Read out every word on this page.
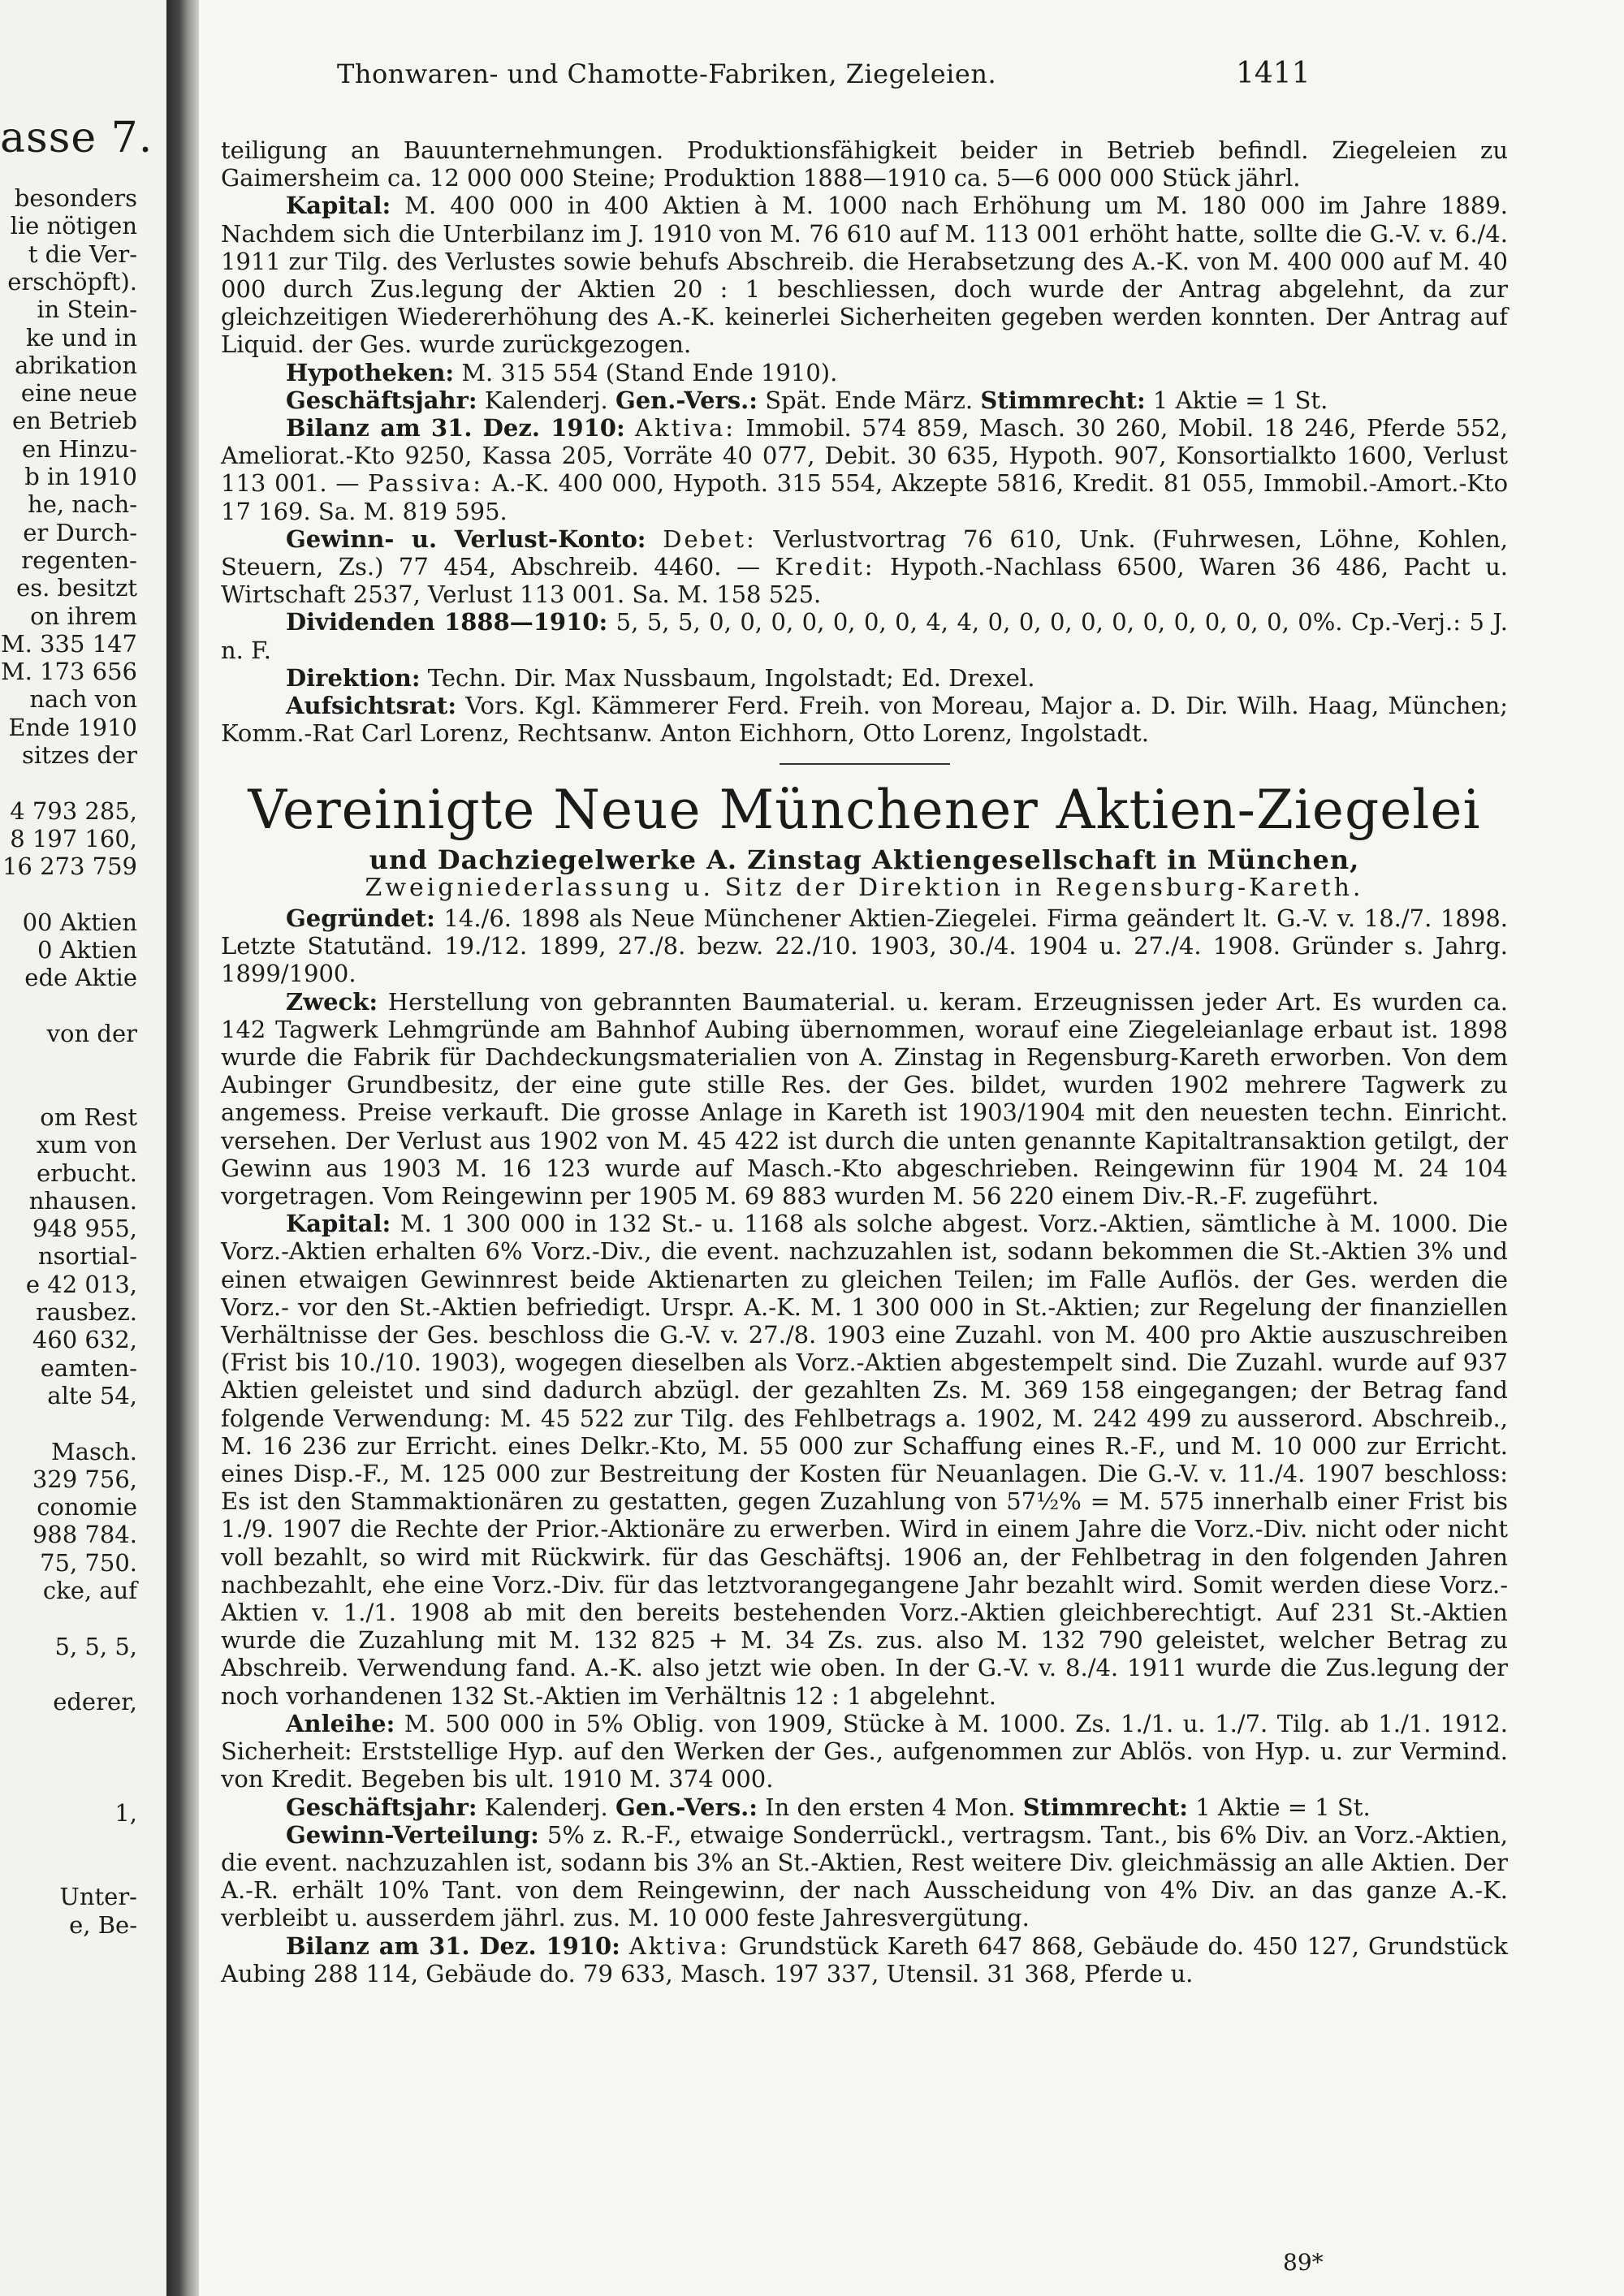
asse 7.
besonders
lie nötigen
t die Ver-
erschöpft).
in Stein-
ke und in
abrikation
eine neue
en Betrieb
en Hinzu-
b in 1910
he, nach-
er Durch-
regenten-
es. besitzt
on ihrem
M. 335 147
M. 173 656
nach von
Ende 1910
sitzes der
4 793 285,
8 197 160,
16 273 759
00 Aktien
0 Aktien
ede Aktie
von der
om Rest
xum von
erbucht.
nhausen.
948 955,
nsortial-
e 42 013,
rausbez.
460 632,
eamten-
alte 54,
Masch.
329 756,
conomie
988 784.
75, 750.
cke, auf
5, 5, 5,
ederer,
1,
Unter-
e, Be-
Thonwaren- und Chamotte-Fabriken, Ziegeleien.	1411

teiligung an Bauunternehmungen. Produktionsfähigkeit beider in Betrieb befindl. Ziegeleien zu Gaimersheim ca. 12 000 000 Steine; Produktion 1888—1910 ca. 5—6 000 000 Stück jährl.

Kapital: M. 400 000 in 400 Aktien à M. 1000 nach Erhöhung um M. 180 000 im Jahre 1889. Nachdem sich die Unterbilanz im J. 1910 von M. 76 610 auf M. 113 001 erhöht hatte, sollte die G.-V. v. 6./4. 1911 zur Tilg. des Verlustes sowie behufs Abschreib. die Herabsetzung des A.-K. von M. 400 000 auf M. 40 000 durch Zus.legung der Aktien 20 : 1 beschliessen, doch wurde der Antrag abgelehnt, da zur gleichzeitigen Wiedererhöhung des A.-K. keinerlei Sicherheiten gegeben werden konnten. Der Antrag auf Liquid. der Ges. wurde zurückgezogen.

Hypotheken: M. 315 554 (Stand Ende 1910).

Geschäftsjahr: Kalenderj. Gen.-Vers.: Spät. Ende März. Stimmrecht: 1 Aktie = 1 St.

Bilanz am 31. Dez. 1910: Aktiva: Immobil. 574 859, Masch. 30 260, Mobil. 18 246, Pferde 552, Ameliorat.-Kto 9250, Kassa 205, Vorräte 40 077, Debit. 30 635, Hypoth. 907, Konsortialkto 1600, Verlust 113 001. — Passiva: A.-K. 400 000, Hypoth. 315 554, Akzepte 5816, Kredit. 81 055, Immobil.-Amort.-Kto 17 169. Sa. M. 819 595.

Gewinn- u. Verlust-Konto: Debet: Verlustvortrag 76 610, Unk. (Fuhrwesen, Löhne, Kohlen, Steuern, Zs.) 77 454, Abschreib. 4460. — Kredit: Hypoth.-Nachlass 6500, Waren 36 486, Pacht u. Wirtschaft 2537, Verlust 113 001. Sa. M. 158 525.

Dividenden 1888—1910: 5, 5, 5, 0, 0, 0, 0, 0, 0, 0, 4, 4, 0, 0, 0, 0, 0, 0, 0, 0, 0, 0, 0%. Cp.-Verj.: 5 J. n. F.

Direktion: Techn. Dir. Max Nussbaum, Ingolstadt; Ed. Drexel.

Aufsichtsrat: Vors. Kgl. Kämmerer Ferd. Freih. von Moreau, Major a. D. Dir. Wilh. Haag, München; Komm.-Rat Carl Lorenz, Rechtsanw. Anton Eichhorn, Otto Lorenz, Ingolstadt.

Vereinigte Neue Münchener Aktien-Ziegelei
und Dachziegelwerke A. Zinstag Aktiengesellschaft in München,
Zweigniederlassung u. Sitz der Direktion in Regensburg-Kareth.

Gegründet: 14./6. 1898 als Neue Münchener Aktien-Ziegelei. Firma geändert lt. G.-V. v. 18./7. 1898. Letzte Statutänd. 19./12. 1899, 27./8. bezw. 22./10. 1903, 30./4. 1904 u. 27./4. 1908. Gründer s. Jahrg. 1899/1900.

Zweck: Herstellung von gebrannten Baumaterial. u. keram. Erzeugnissen jeder Art. Es wurden ca. 142 Tagwerk Lehmgründe am Bahnhof Aubing übernommen, worauf eine Ziegeleianlage erbaut ist. 1898 wurde die Fabrik für Dachdeckungsmaterialien von A. Zinstag in Regensburg-Kareth erworben. Von dem Aubinger Grundbesitz, der eine gute stille Res. der Ges. bildet, wurden 1902 mehrere Tagwerk zu angemess. Preise verkauft. Die grosse Anlage in Kareth ist 1903/1904 mit den neuesten techn. Einricht. versehen. Der Verlust aus 1902 von M. 45 422 ist durch die unten genannte Kapitaltransaktion getilgt, der Gewinn aus 1903 M. 16 123 wurde auf Masch.-Kto abgeschrieben. Reingewinn für 1904 M. 24 104 vorgetragen. Vom Reingewinn per 1905 M. 69 883 wurden M. 56 220 einem Div.-R.-F. zugeführt.

Kapital: M. 1 300 000 in 132 St.- u. 1168 als solche abgest. Vorz.-Aktien, sämtliche à M. 1000. Die Vorz.-Aktien erhalten 6% Vorz.-Div., die event. nachzuzahlen ist, sodann bekommen die St.-Aktien 3% und einen etwaigen Gewinnrest beide Aktienarten zu gleichen Teilen; im Falle Auflös. der Ges. werden die Vorz.- vor den St.-Aktien befriedigt. Urspr. A.-K. M. 1 300 000 in St.-Aktien; zur Regelung der finanziellen Verhältnisse der Ges. beschloss die G.-V. v. 27./8. 1903 eine Zuzahl. von M. 400 pro Aktie auszuschreiben (Frist bis 10./10. 1903), wogegen dieselben als Vorz.-Aktien abgestempelt sind. Die Zuzahl. wurde auf 937 Aktien geleistet und sind dadurch abzügl. der gezahlten Zs. M. 369 158 eingegangen; der Betrag fand folgende Verwendung: M. 45 522 zur Tilg. des Fehlbetrags a. 1902, M. 242 499 zu ausserord. Abschreib., M. 16 236 zur Erricht. eines Delkr.-Kto, M. 55 000 zur Schaffung eines R.-F., und M. 10 000 zur Erricht. eines Disp.-F., M. 125 000 zur Bestreitung der Kosten für Neuanlagen. Die G.-V. v. 11./4. 1907 beschloss: Es ist den Stammaktionären zu gestatten, gegen Zuzahlung von 57½% = M. 575 innerhalb einer Frist bis 1./9. 1907 die Rechte der Prior.-Aktionäre zu erwerben. Wird in einem Jahre die Vorz.-Div. nicht oder nicht voll bezahlt, so wird mit Rückwirk. für das Geschäftsj. 1906 an, der Fehlbetrag in den folgenden Jahren nachbezahlt, ehe eine Vorz.-Div. für das letztvorangegangene Jahr bezahlt wird. Somit werden diese Vorz.-Aktien v. 1./1. 1908 ab mit den bereits bestehenden Vorz.-Aktien gleichberechtigt. Auf 231 St.-Aktien wurde die Zuzahlung mit M. 132 825 + M. 34 Zs. zus. also M. 132 790 geleistet, welcher Betrag zu Abschreib. Verwendung fand. A.-K. also jetzt wie oben. In der G.-V. v. 8./4. 1911 wurde die Zus.legung der noch vorhandenen 132 St.-Aktien im Verhältnis 12 : 1 abgelehnt.

Anleihe: M. 500 000 in 5% Oblig. von 1909, Stücke à M. 1000. Zs. 1./1. u. 1./7. Tilg. ab 1./1. 1912. Sicherheit: Erststellige Hyp. auf den Werken der Ges., aufgenommen zur Ablös. von Hyp. u. zur Vermind. von Kredit. Begeben bis ult. 1910 M. 374 000.

Geschäftsjahr: Kalenderj. Gen.-Vers.: In den ersten 4 Mon. Stimmrecht: 1 Aktie = 1 St.

Gewinn-Verteilung: 5% z. R.-F., etwaige Sonderrückl., vertragsm. Tant., bis 6% Div. an Vorz.-Aktien, die event. nachzuzahlen ist, sodann bis 3% an St.-Aktien, Rest weitere Div. gleichmässig an alle Aktien. Der A.-R. erhält 10% Tant. von dem Reingewinn, der nach Ausscheidung von 4% Div. an das ganze A.-K. verbleibt u. ausserdem jährl. zus. M. 10 000 feste Jahresvergütung.

Bilanz am 31. Dez. 1910: Aktiva: Grundstück Kareth 647 868, Gebäude do. 450 127, Grundstück Aubing 288 114, Gebäude do. 79 633, Masch. 197 337, Utensil. 31 368, Pferde u.

89*
